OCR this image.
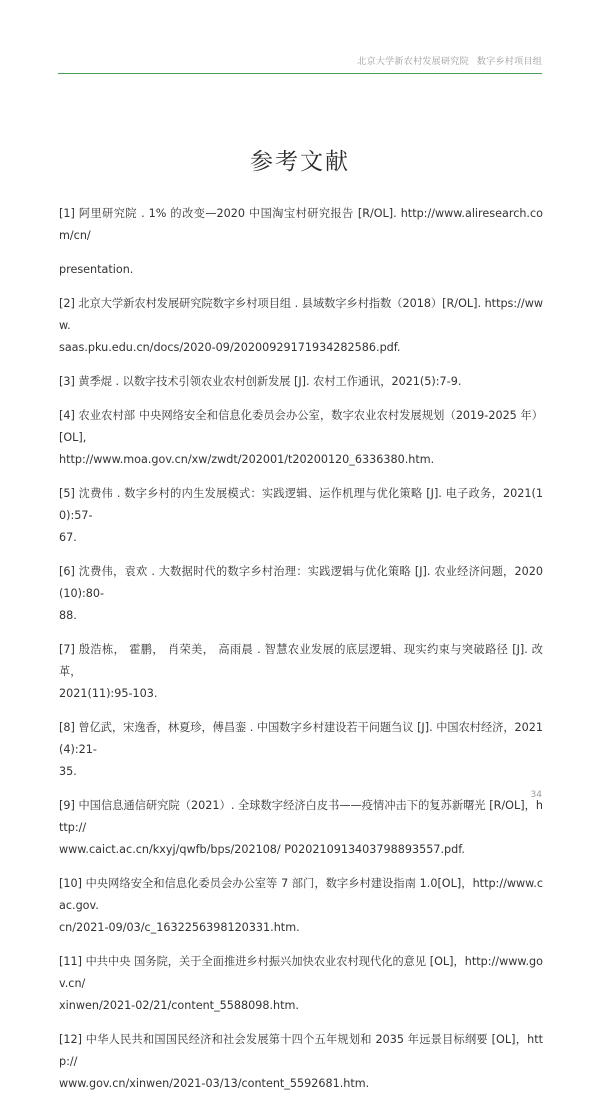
北京大学新农村发展研究院 数字乡村项目组
参考文献
[1] 阿里研究院 . 1% 的改变—2020 中国淘宝村研究报告 [R/OL]. http://www.aliresearch.com/cn/
presentation.
[2] 北京大学新农村发展研究院数字乡村项目组 . 县域数字乡村指数（2018）[R/OL]. https://www.
saas.pku.edu.cn/docs/2020-09/20200929171934282586.pdf.
[3] 黄季焜 . 以数字技术引领农业农村创新发展 [J]. 农村工作通讯，2021(5):7-9.
[4] 农业农村部 中央网络安全和信息化委员会办公室，数字农业农村发展规划（2019-2025 年）[OL],
http://www.moa.gov.cn/xw/zwdt/202001/t20200120_6336380.htm.
[5] 沈费伟 . 数字乡村的内生发展模式：实践逻辑、运作机理与优化策略 [J]. 电子政务，2021(10):57-
67.
[6] 沈费伟，袁欢 . 大数据时代的数字乡村治理：实践逻辑与优化策略 [J]. 农业经济问题，2020(10):80-
88.
[7] 殷浩栋， 霍鹏， 肖荣美， 高雨晨 . 智慧农业发展的底层逻辑、现实约束与突破路径 [J]. 改革，
2021(11):95-103.
[8] 曾亿武，宋逸香，林夏珍，傅昌銮 . 中国数字乡村建设若干问题刍议 [J]. 中国农村经济，2021(4):21-
35.
[9] 中国信息通信研究院（2021）. 全球数字经济白皮书——疫情冲击下的复苏新曙光 [R/OL]，http://
www.caict.ac.cn/kxyj/qwfb/bps/202108/ P020210913403798893557.pdf.
[10] 中央网络安全和信息化委员会办公室等 7 部门，数字乡村建设指南 1.0[OL]，http://www.cac.gov.
cn/2021-09/03/c_1632256398120331.htm.
[11] 中共中央 国务院，关于全面推进乡村振兴加快农业农村现代化的意见 [OL]，http://www.gov.cn/
xinwen/2021-02/21/content_5588098.htm.
[12] 中华人民共和国国民经济和社会发展第十四个五年规划和 2035 年远景目标纲要 [OL]，http://
www.gov.cn/xinwen/2021-03/13/content_5592681.htm.
34
